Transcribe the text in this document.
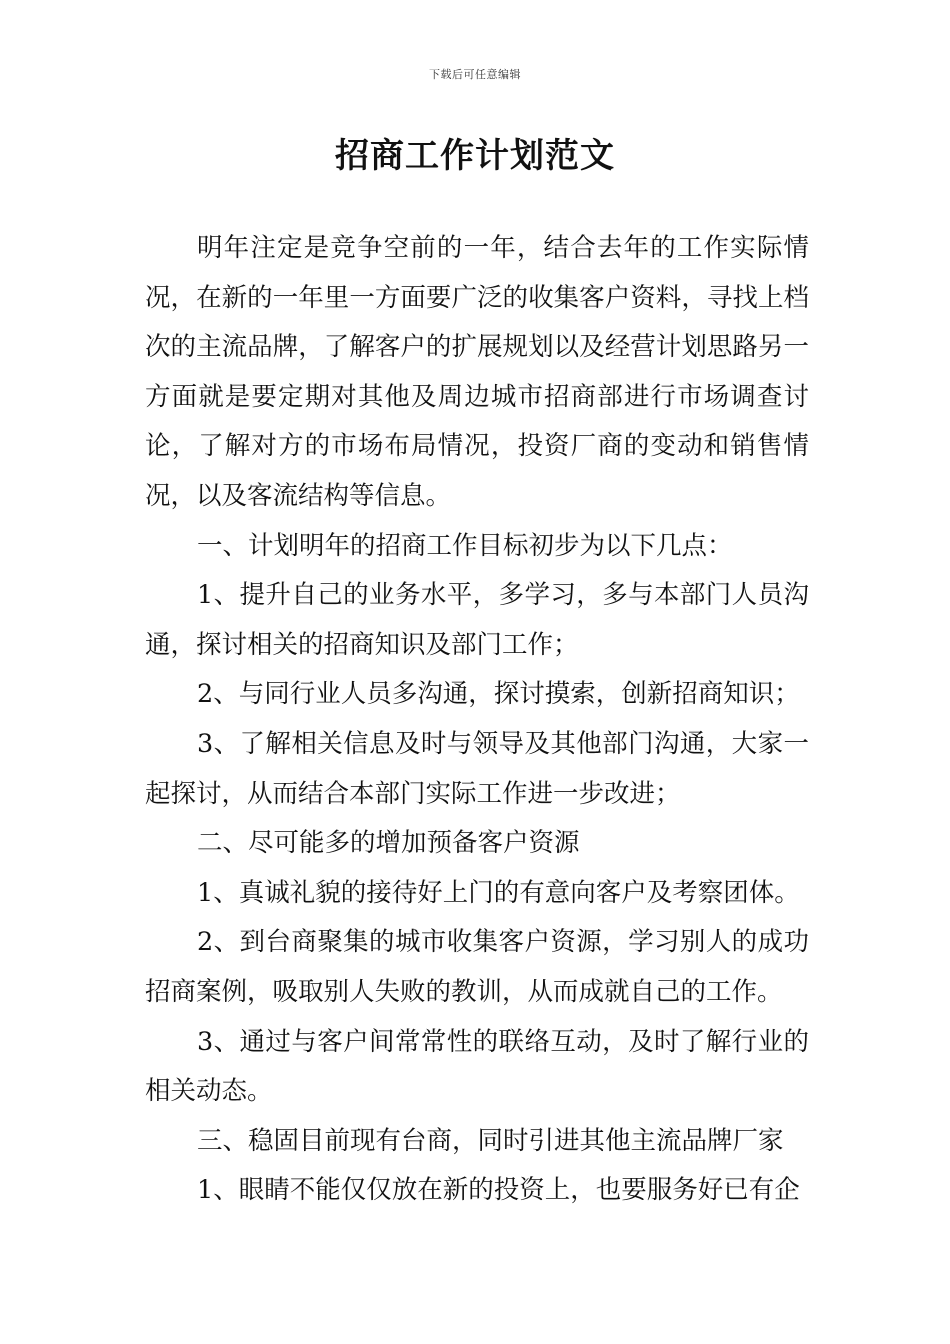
下载后可任意编辑
招商工作计划范文

明年注定是竞争空前的一年，结合去年的工作实际情况，在新的一年里一方面要广泛的收集客户资料，寻找上档次的主流品牌，了解客户的扩展规划以及经营计划思路另一方面就是要定期对其他及周边城市招商部进行市场调查讨论，了解对方的市场布局情况，投资厂商的变动和销售情况，以及客流结构等信息。

一、计划明年的招商工作目标初步为以下几点：

1、提升自己的业务水平，多学习，多与本部门人员沟通，探讨相关的招商知识及部门工作；

2、与同行业人员多沟通，探讨摸索，创新招商知识；

3、了解相关信息及时与领导及其他部门沟通，大家一起探讨，从而结合本部门实际工作进一步改进；

二、尽可能多的增加预备客户资源

1、真诚礼貌的接待好上门的有意向客户及考察团体。

2、到台商聚集的城市收集客户资源，学习别人的成功招商案例，吸取别人失败的教训，从而成就自己的工作。

3、通过与客户间常常性的联络互动，及时了解行业的相关动态。

三、稳固目前现有台商，同时引进其他主流品牌厂家

1、眼睛不能仅仅放在新的投资上，也要服务好已有企
